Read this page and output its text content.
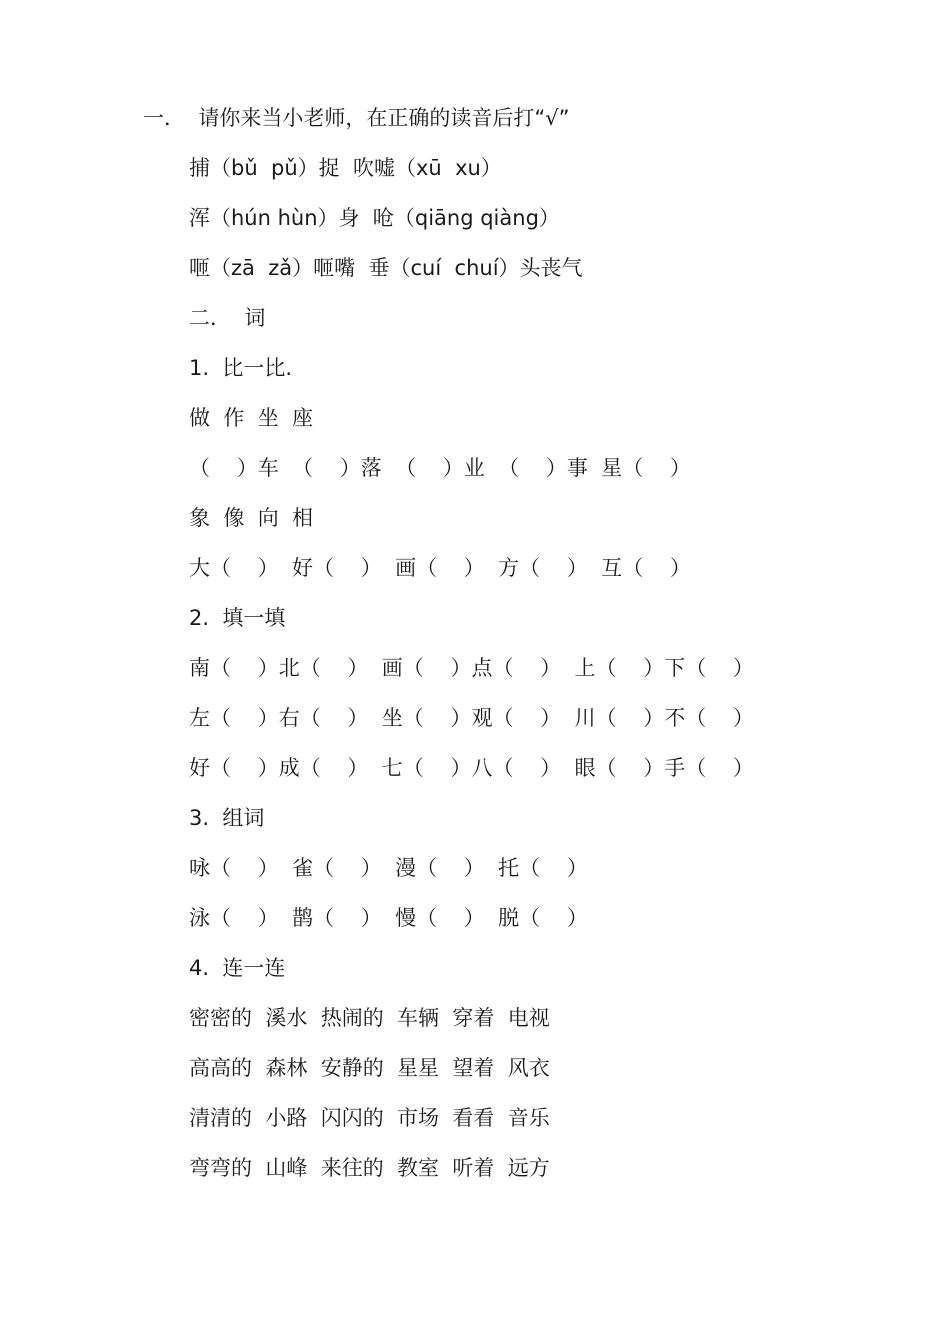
一．  请你来当小老师，在正确的读音后打“√”
捕（bǔ  pǔ）捉  吹嘘（xū  xu）
浑（hún hùn）身  呛（qiāng qiàng）
咂（zā  zǎ）咂嘴  垂（cuí  chuí）头丧气
二．  词
1.  比一比.
做  作  坐  座
（    ）车  （    ）落  （    ）业  （    ）事  星（    ）
象  像  向  相
大（    ）  好（    ）  画（    ）  方（    ）  互（    ）
2.  填一填
南（    ）北（    ）  画（    ）点（    ）  上（    ）下（    ）
左（    ）右（    ）  坐（    ）观（    ）  川（    ）不（    ）
好（    ）成（    ）  七（    ）八（    ）  眼（    ）手（    ）
3.  组词
咏（    ）  雀（    ）  漫（    ）  托（    ）
泳（    ）  鹊（    ）  慢（    ）  脱（    ）
4.  连一连
密密的  溪水  热闹的  车辆  穿着  电视
高高的  森林  安静的  星星  望着  风衣
清清的  小路  闪闪的  市场  看看  音乐
弯弯的  山峰  来往的  教室  听着  远方
